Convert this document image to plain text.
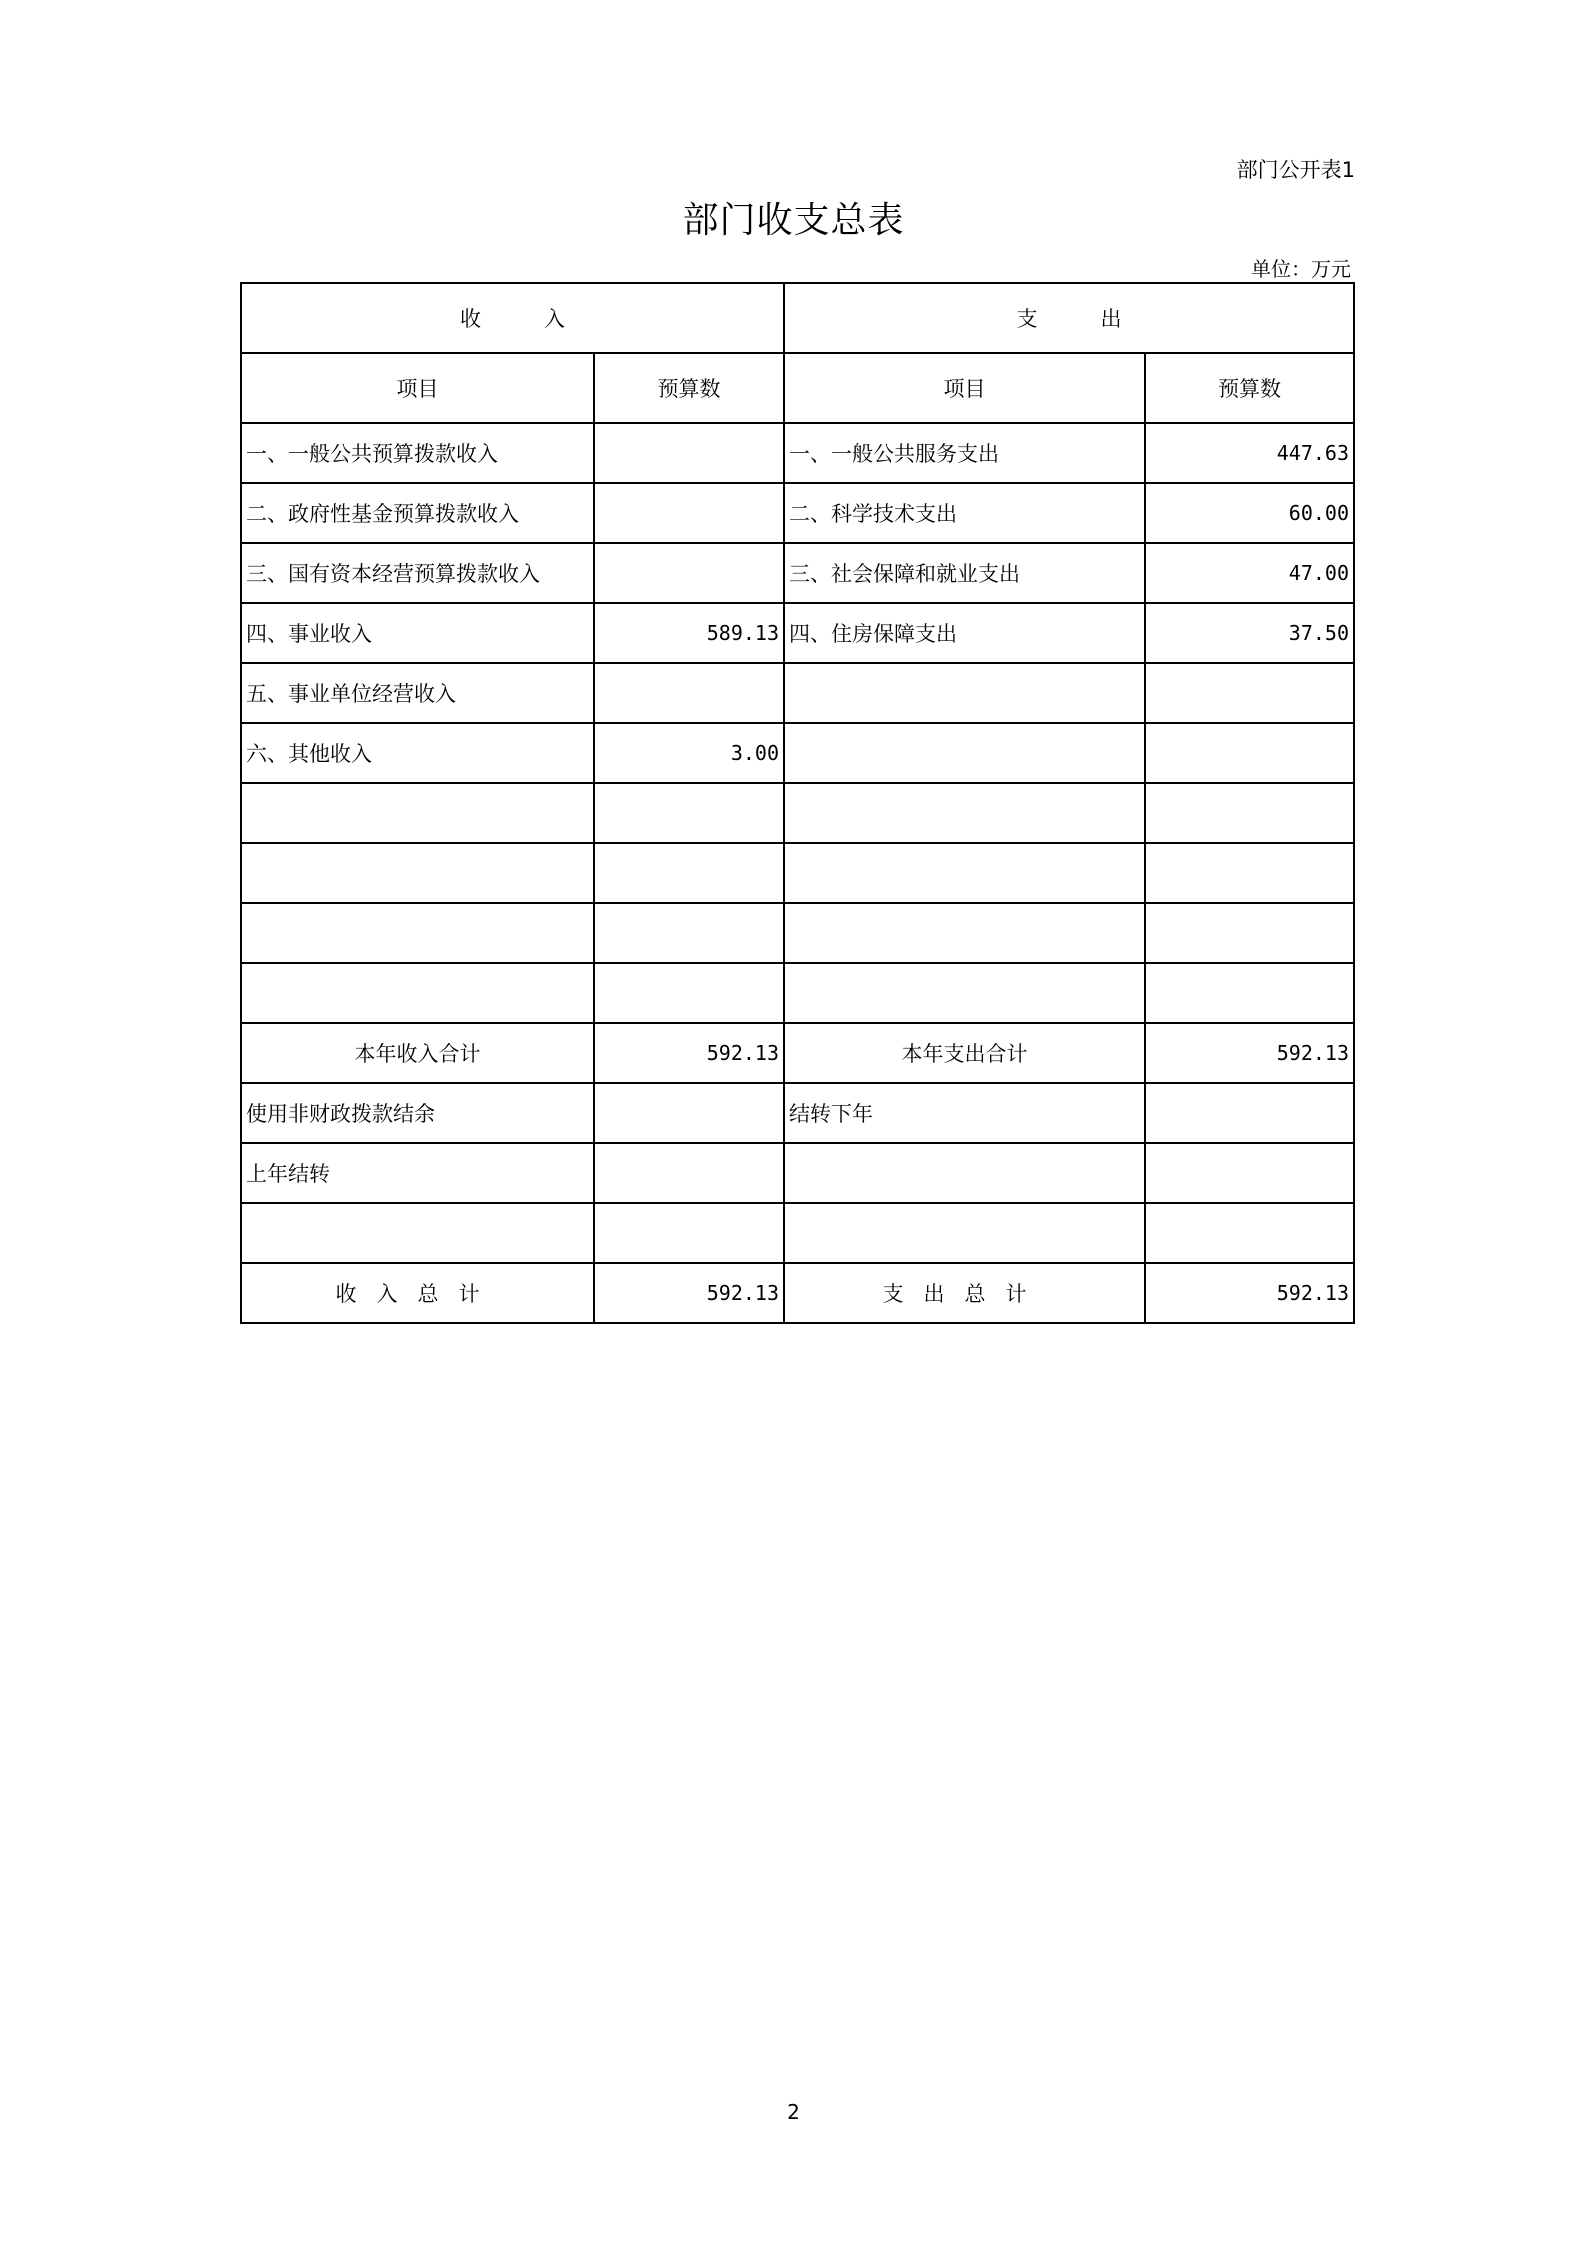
部门公开表1
部门收支总表
单位：万元
收　　　入		支　　　出	
项目	预算数	项目	预算数
一、一般公共预算拨款收入		一、一般公共服务支出	447.63
二、政府性基金预算拨款收入		二、科学技术支出	60.00
三、国有资本经营预算拨款收入		三、社会保障和就业支出	47.00
四、事业收入	589.13	四、住房保障支出	37.50
五、事业单位经营收入			
六、其他收入	3.00		

本年收入合计	592.13	本年支出合计	592.13
使用非财政拨款结余		结转下年	
上年结转			

收入总计	592.13	支出总计	592.13
2
